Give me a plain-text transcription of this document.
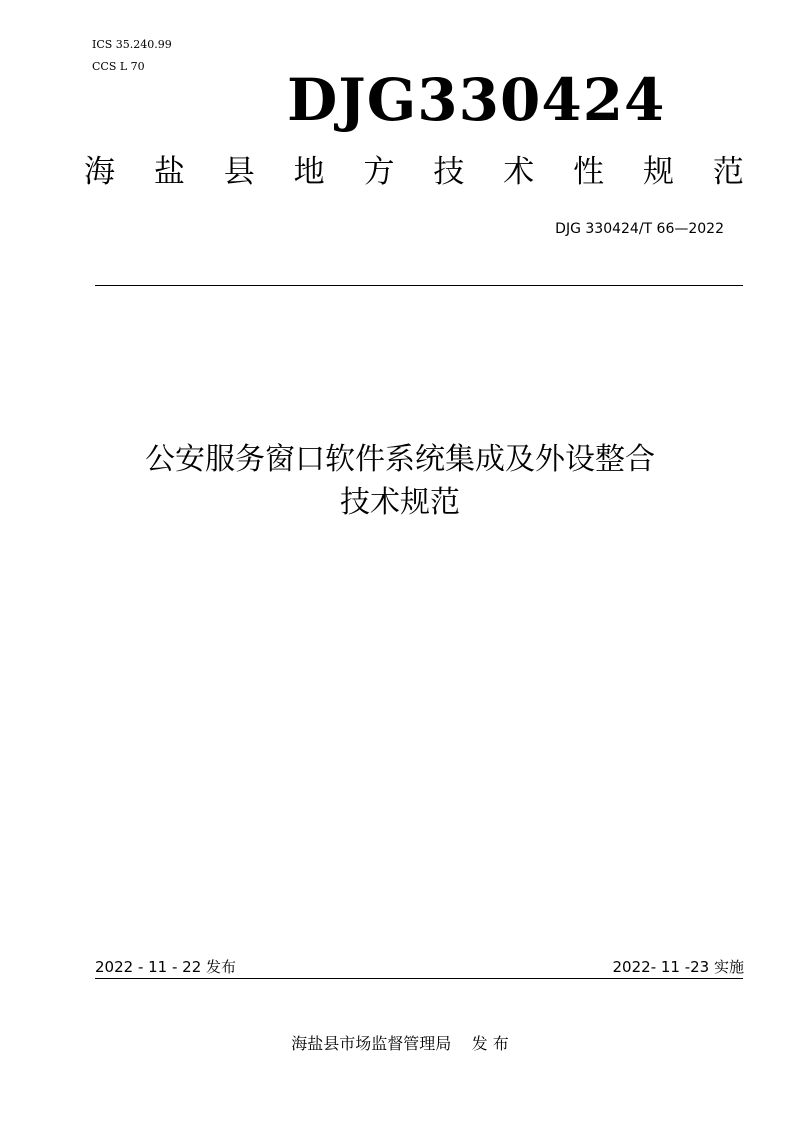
ICS 35.240.99
CCS L 70 DJG330424
海 盐 县 地 方 技 术 性 规 范
DJG 330424/T 66—2022
公安服务窗口软件系统集成及外设整合
技术规范
2022 - 11 - 22 发布	2022- 11 -23 实施
海盐县市场监督管理局    发 布
